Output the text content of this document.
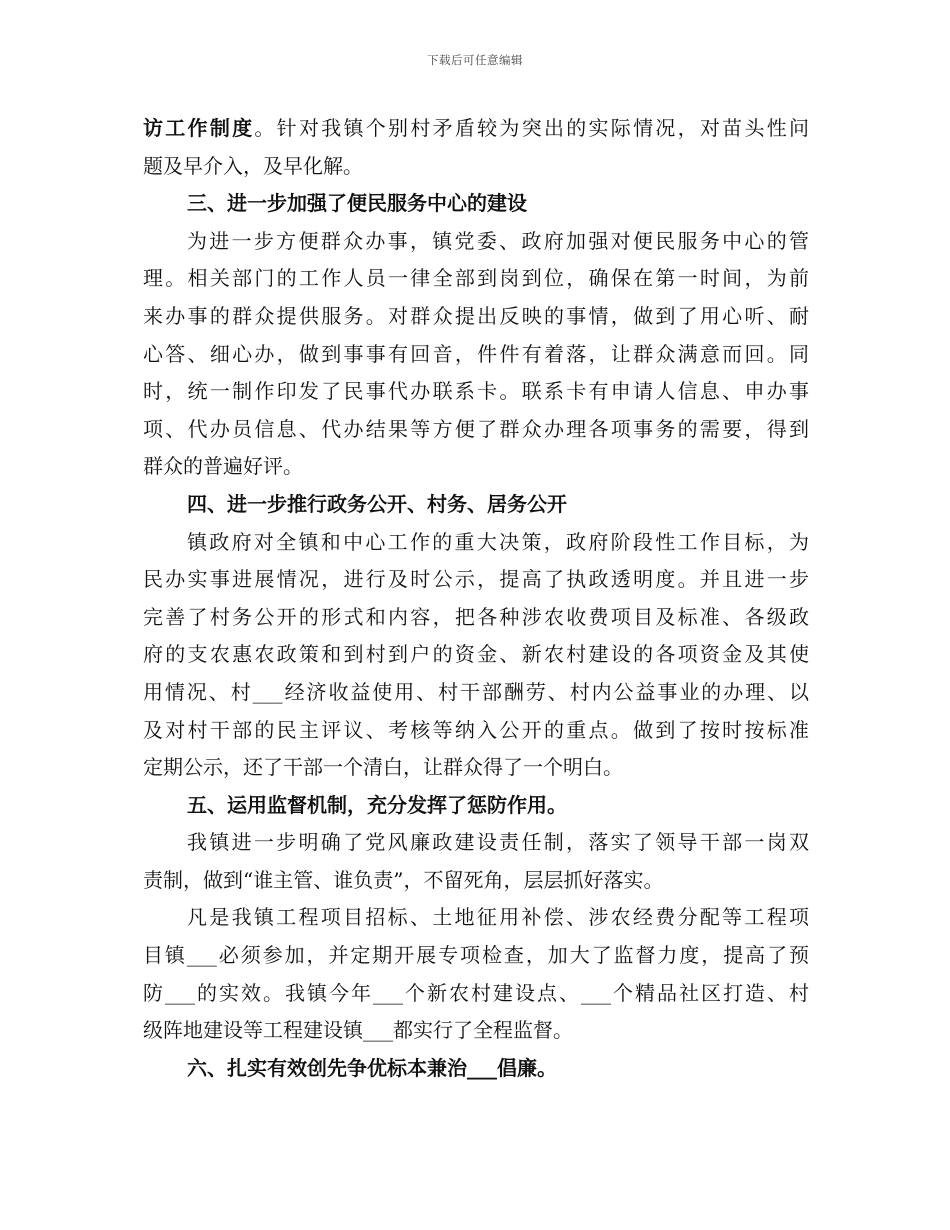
下载后可任意编辑
访工作制度。针对我镇个别村矛盾较为突出的实际情况，对苗头性问
题及早介入，及早化解。
三、进一步加强了便民服务中心的建设
为进一步方便群众办事，镇党委、政府加强对便民服务中心的管
理。相关部门的工作人员一律全部到岗到位，确保在第一时间，为前
来办事的群众提供服务。对群众提出反映的事情，做到了用心听、耐
心答、细心办，做到事事有回音，件件有着落，让群众满意而回。同
时，统一制作印发了民事代办联系卡。联系卡有申请人信息、申办事
项、代办员信息、代办结果等方便了群众办理各项事务的需要，得到
群众的普遍好评。
四、进一步推行政务公开、村务、居务公开
镇政府对全镇和中心工作的重大决策，政府阶段性工作目标，为
民办实事进展情况，进行及时公示，提高了执政透明度。并且进一步
完善了村务公开的形式和内容，把各种涉农收费项目及标准、各级政
府的支农惠农政策和到村到户的资金、新农村建设的各项资金及其使
用情况、村___经济收益使用、村干部酬劳、村内公益事业的办理、以
及对村干部的民主评议、考核等纳入公开的重点。做到了按时按标准
定期公示，还了干部一个清白，让群众得了一个明白。
五、运用监督机制，充分发挥了惩防作用。
我镇进一步明确了党风廉政建设责任制，落实了领导干部一岗双
责制，做到“谁主管、谁负责”，不留死角，层层抓好落实。
凡是我镇工程项目招标、土地征用补偿、涉农经费分配等工程项
目镇___必须参加，并定期开展专项检查，加大了监督力度，提高了预
防___的实效。我镇今年___个新农村建设点、___个精品社区打造、村
级阵地建设等工程建设镇___都实行了全程监督。
六、扎实有效创先争优标本兼治___倡廉。
